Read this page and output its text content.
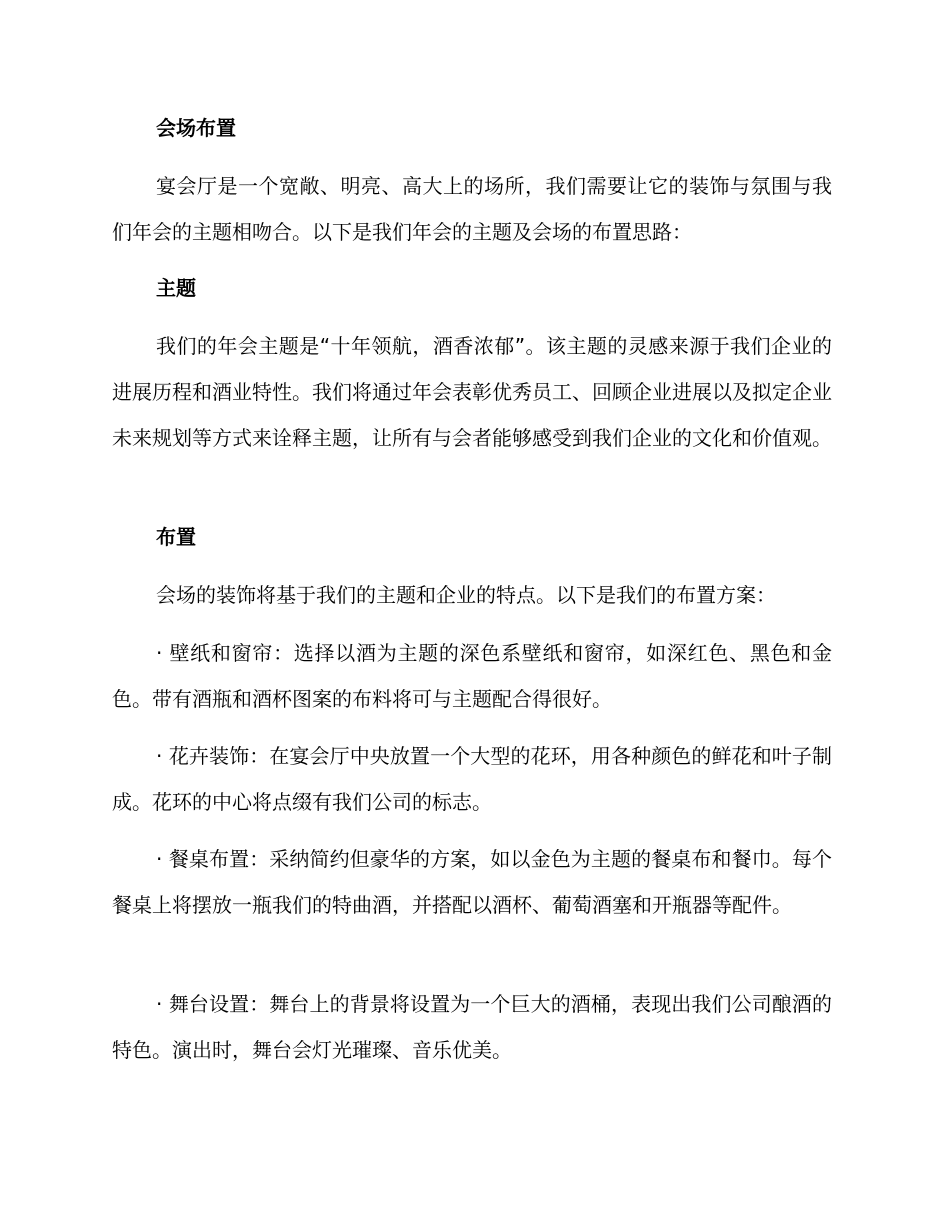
会场布置

宴会厅是一个宽敞、明亮、高大上的场所，我们需要让它的装饰与氛围与我们年会的主题相吻合。以下是我们年会的主题及会场的布置思路：

主题

我们的年会主题是“十年领航，酒香浓郁”。该主题的灵感来源于我们企业的进展历程和酒业特性。我们将通过年会表彰优秀员工、回顾企业进展以及拟定企业未来规划等方式来诠释主题，让所有与会者能够感受到我们企业的文化和价值观。

布置

会场的装饰将基于我们的主题和企业的特点。以下是我们的布置方案：

· 壁纸和窗帘：选择以酒为主题的深色系壁纸和窗帘，如深红色、黑色和金色。带有酒瓶和酒杯图案的布料将可与主题配合得很好。

· 花卉装饰：在宴会厅中央放置一个大型的花环，用各种颜色的鲜花和叶子制成。花环的中心将点缀有我们公司的标志。

· 餐桌布置：采纳简约但豪华的方案，如以金色为主题的餐桌布和餐巾。每个餐桌上将摆放一瓶我们的特曲酒，并搭配以酒杯、葡萄酒塞和开瓶器等配件。

· 舞台设置：舞台上的背景将设置为一个巨大的酒桶，表现出我们公司酿酒的特色。演出时，舞台会灯光璀璨、音乐优美。
